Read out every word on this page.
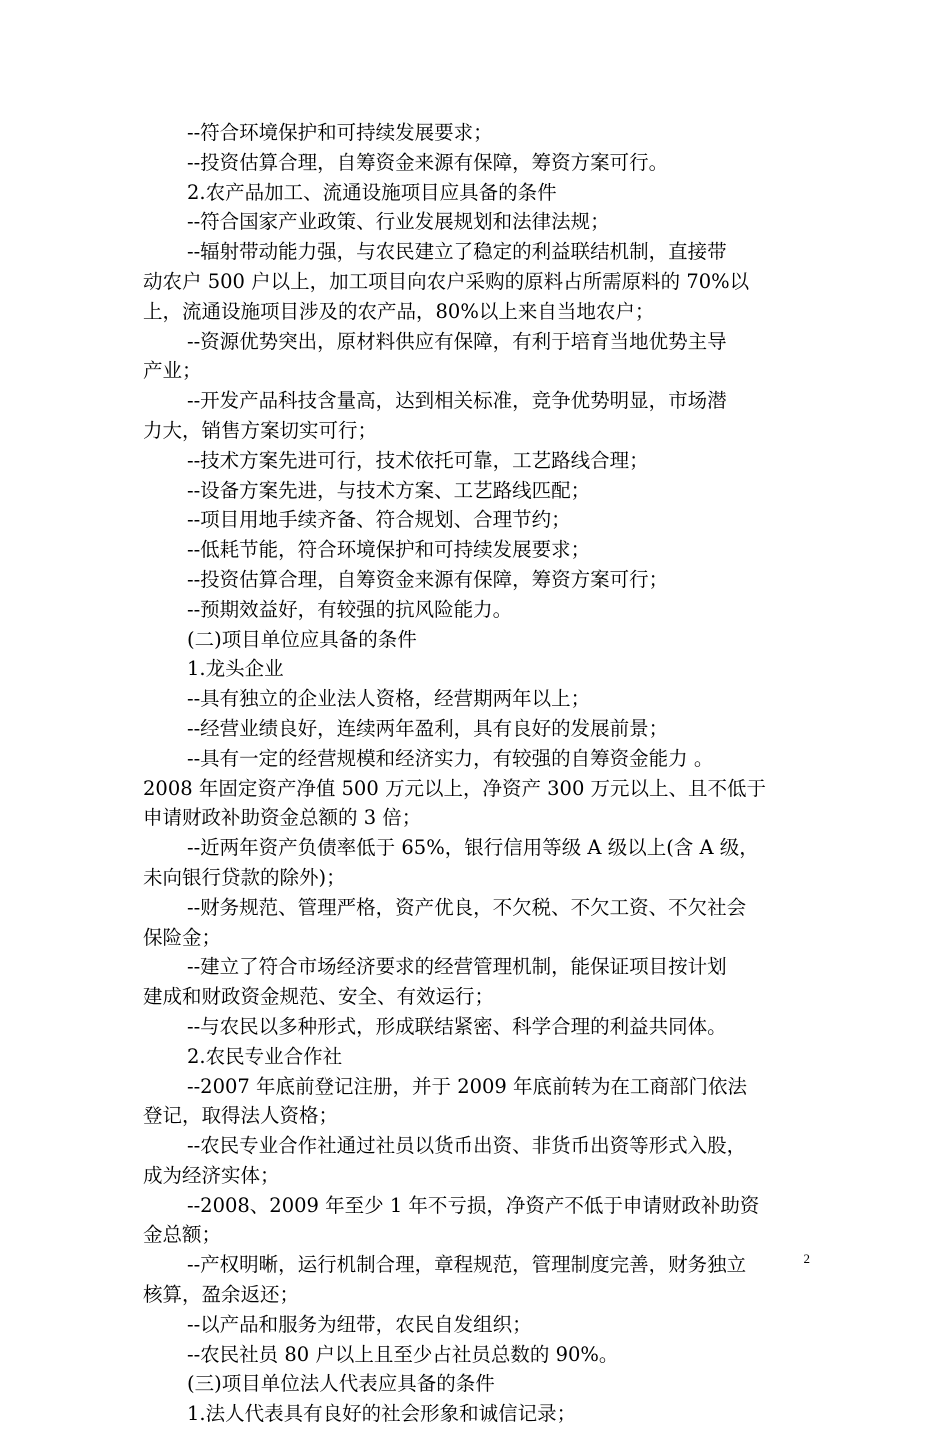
--符合环境保护和可持续发展要求；
--投资估算合理，自筹资金来源有保障，筹资方案可行。
2.农产品加工、流通设施项目应具备的条件
--符合国家产业政策、行业发展规划和法律法规；
--辐射带动能力强，与农民建立了稳定的利益联结机制，直接带
动农户 500 户以上，加工项目向农户采购的原料占所需原料的 70%以
上，流通设施项目涉及的农产品，80%以上来自当地农户；
--资源优势突出，原材料供应有保障，有利于培育当地优势主导
产业；
--开发产品科技含量高，达到相关标准，竞争优势明显，市场潜
力大，销售方案切实可行；
--技术方案先进可行，技术依托可靠，工艺路线合理；
--设备方案先进，与技术方案、工艺路线匹配；
--项目用地手续齐备、符合规划、合理节约；
--低耗节能，符合环境保护和可持续发展要求；
--投资估算合理，自筹资金来源有保障，筹资方案可行；
--预期效益好，有较强的抗风险能力。
(二)项目单位应具备的条件
1.龙头企业
--具有独立的企业法人资格，经营期两年以上；
--经营业绩良好，连续两年盈利，具有良好的发展前景；
--具有一定的经营规模和经济实力，有较强的自筹资金能力 。
2008 年固定资产净值 500 万元以上，净资产 300 万元以上、且不低于
申请财政补助资金总额的 3 倍；
--近两年资产负债率低于 65%，银行信用等级 A 级以上(含 A 级，
未向银行贷款的除外)；
--财务规范、管理严格，资产优良，不欠税、不欠工资、不欠社会
保险金；
--建立了符合市场经济要求的经营管理机制，能保证项目按计划
建成和财政资金规范、安全、有效运行；
--与农民以多种形式，形成联结紧密、科学合理的利益共同体。
2.农民专业合作社
--2007 年底前登记注册，并于 2009 年底前转为在工商部门依法
登记，取得法人资格；
--农民专业合作社通过社员以货币出资、非货币出资等形式入股，
成为经济实体；
--2008、2009 年至少 1 年不亏损，净资产不低于申请财政补助资
金总额；
--产权明晰，运行机制合理，章程规范，管理制度完善，财务独立
核算，盈余返还；
--以产品和服务为纽带，农民自发组织；
--农民社员 80 户以上且至少占社员总数的 90%。
(三)项目单位法人代表应具备的条件
1.法人代表具有良好的社会形象和诚信记录；
2
